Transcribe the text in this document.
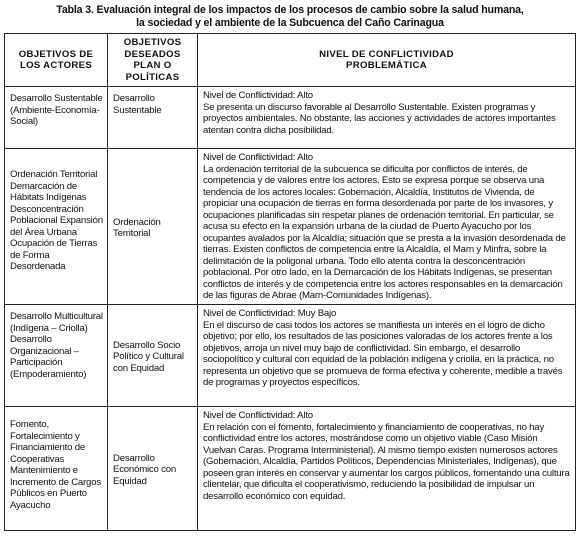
Tabla 3. Evaluación integral de los impactos de los procesos de cambio sobre la salud humana,
la sociedad y el ambiente de la Subcuenca del Caño Carinagua
OBJETIVOS DE LOS ACTORES	OBJETIVOS DESEADOS PLAN O POLÍTICAS	NIVEL DE CONFLICTIVIDAD
PROBLEMÁTICA

Desarrollo Sustentable (Ambiente-Economía-Social)	Desarrollo Sustentable	Nivel de Conflictividad: Alto

Se presenta un discurso favorable al Desarrollo Sustentable. Existen programas y proyectos ambientales. No obstante, las acciones y actividades de actores importantes atentan contra dicha posibilidad.

Ordenación Territorial Demarcación de Hábitats Indígenas Desconcentración Poblacional Expansión del Área Urbana Ocupación de Tierras de Forma Desordenada	Ordenación Territorial	Nivel de Conflictividad: Alto

La ordenación territorial de la subcuenca se dificulta por conflictos de interés, de competencia y de valores entre los actores. Esto se expresa porque se observa una tendencia de los actores locales: Gobernación, Alcaldía, Institutos de Vivienda, de propiciar una ocupación de tierras en forma desordenada por parte de los invasores, y ocupaciones planificadas sin respetar planes de ordenación territorial. En particular, se acusa su efecto en la expansión urbana de la ciudad de Puerto Ayacucho por los ocupantes avalados por la Alcaldía; situación que se presta a la invasión desordenada de tierras. Existen conflictos de competencia entre la Alcaldía, el Marn y Minfra, sobre la delimitación de la poligonal urbana. Todo ello atenta contra la desconcentración poblacional. Por otro lado, en la Demarcación de los Hábitats Indígenas, se presentan conflictos de interés y de competencia entre los actores responsables en la demarcación de las figuras de Abrae (Marn-Comunidades Indígenas).

Desarrollo Multicultural (Indígena – Criolla) Desarrollo Organizacional – Participación (Empoderamiento)	Desarrollo Socio Político y Cultural con Equidad	Nivel de Conflictividad: Muy Bajo

En el discurso de casi todos los actores se manifiesta un interés en el logro de dicho objetivo; por ello, los resultados de las posiciones valoradas de los actores frente a los objetivos, arroja un nivel muy bajo de conflictividad. Sin embargo, el desarrollo sociopolítico y cultural con equidad de la población indígena y criolla, en la práctica, no representa un objetivo que se promueva de forma efectiva y coherente, medible a través de programas y proyectos específicos.

Fomento, Fortalecimiento y Financiamiento de Cooperativas Mantenimiento e Incremento de Cargos Públicos en Puerto Ayacucho	Desarrollo Económico con Equidad	Nivel de Conflictividad: Alto

En relación con el fomento, fortalecimiento y financiamiento de cooperativas, no hay conflictividad entre los actores, mostrándose como un objetivo viable (Caso Misión Vuelvan Caras. Programa Interministerial). Al mismo tiempo existen numerosos actores (Gobernación, Alcaldía, Partidos Políticos, Dependencias Ministeriales, Indígenas), que poseen gran interés en conservar y aumentar los cargos públicos, fomentando una cultura clientelar, que dificulta el cooperativismo, reduciendo la posibilidad de impulsar un desarrollo económico con equidad.
